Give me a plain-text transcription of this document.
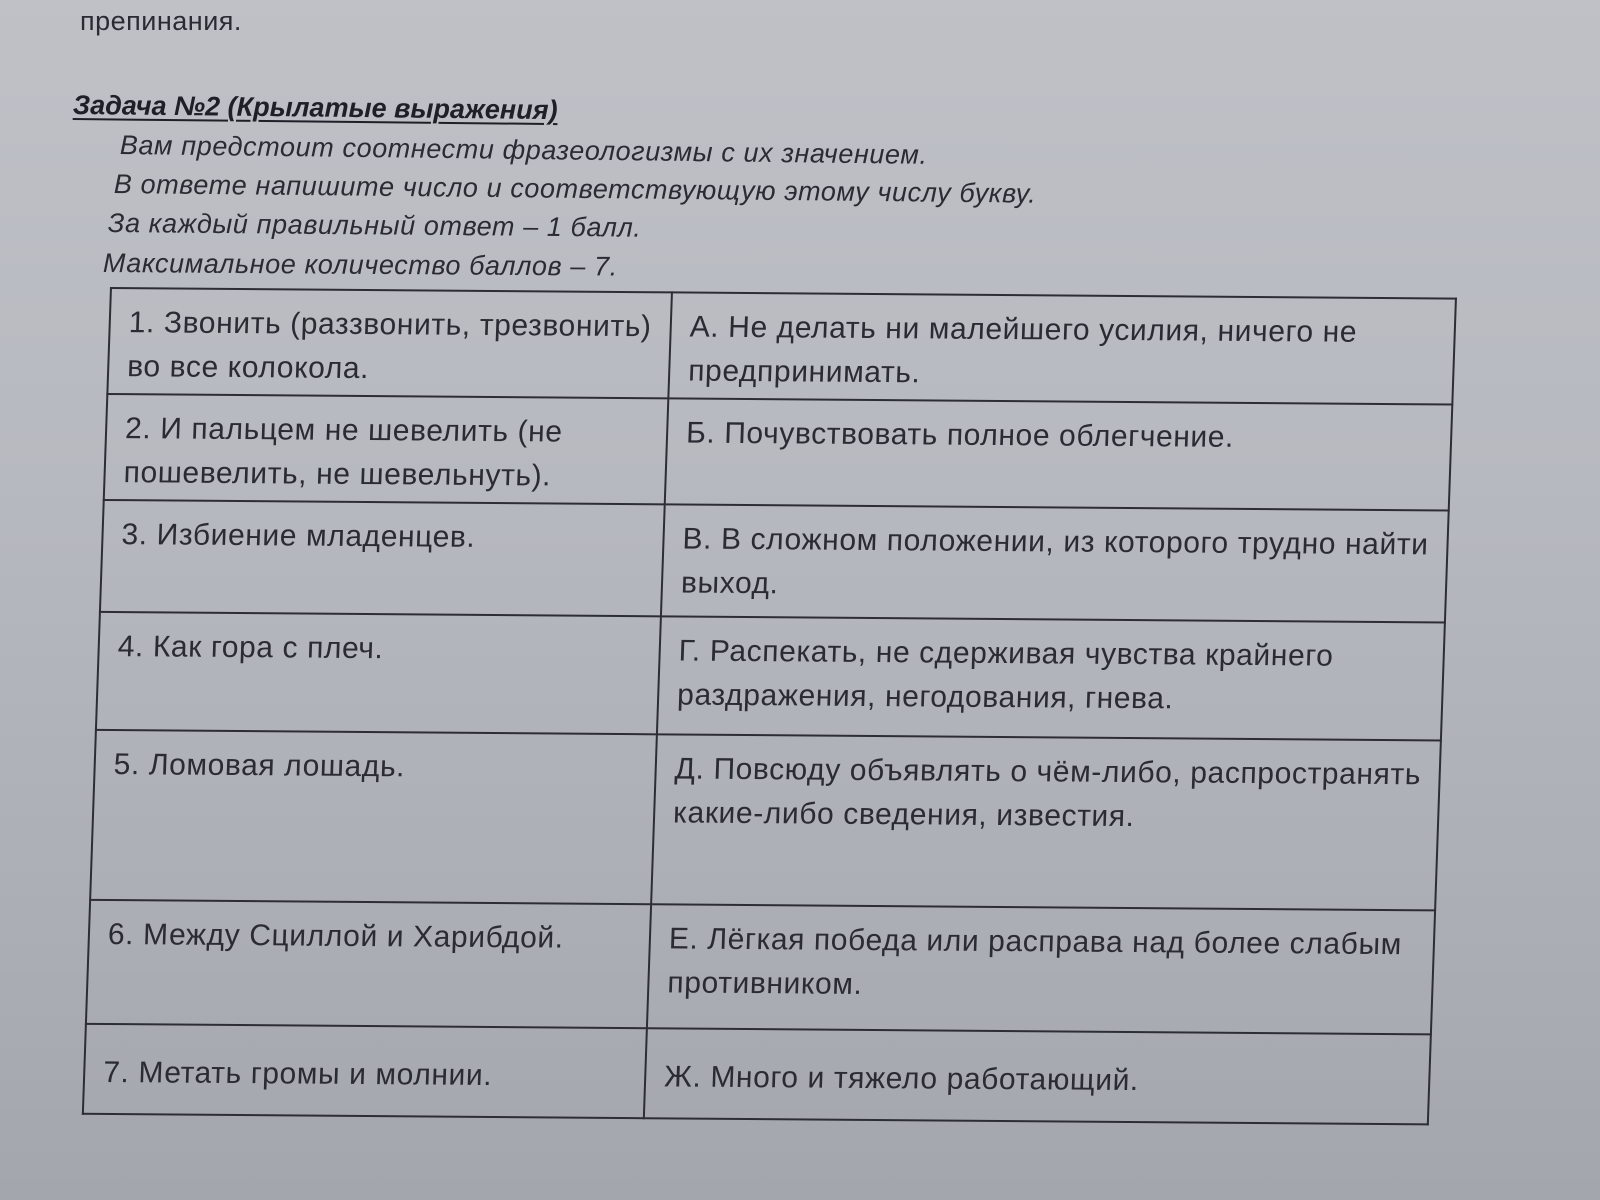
препинания.
Задача №2 (Крылатые выражения)
Вам предстоит соотнести фразеологизмы с их значением.
В ответе напишите число и соответствующую этому числу букву.
За каждый правильный ответ – 1 балл.
Максимальное количество баллов – 7.
1. Звонить (раззвонить, трезвонить) во все колокола.	А. Не делать ни малейшего усилия, ничего не предпринимать.
2. И пальцем не шевелить (не пошевелить, не шевельнуть).	Б. Почувствовать полное облегчение.
3. Избиение младенцев.	В. В сложном положении, из которого трудно найти выход.
4. Как гора с плеч.	Г. Распекать, не сдерживая чувства крайнего раздражения, негодования, гнева.
5. Ломовая лошадь.	Д. Повсюду объявлять о чём-либо, распространять какие-либо сведения, известия.
6. Между Сциллой и Харибдой.	Е. Лёгкая победа или расправа над более слабым противником.
7. Метать громы и молнии.	Ж. Много и тяжело работающий.
